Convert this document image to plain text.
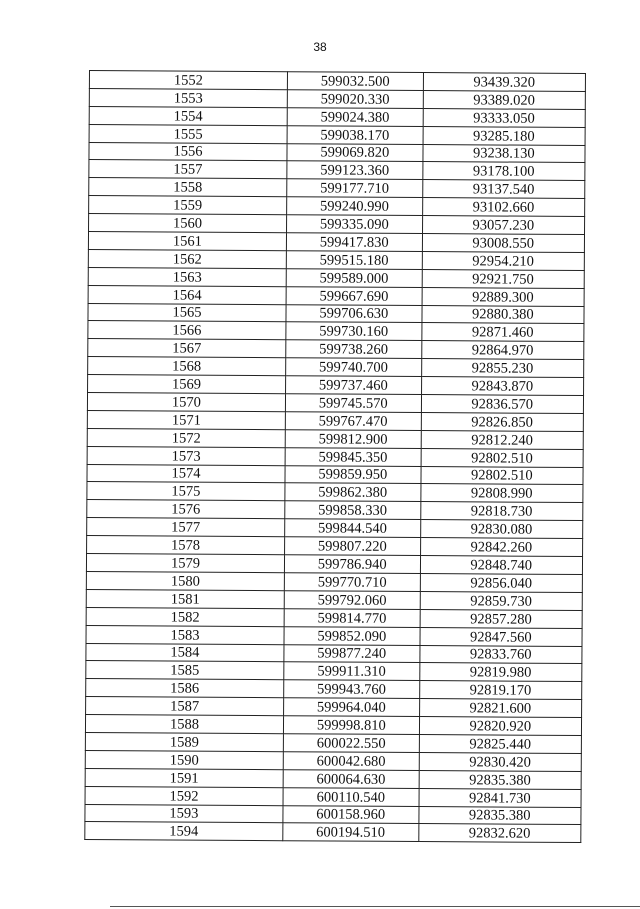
38
1552	599032.500	93439.320
1553	599020.330	93389.020
1554	599024.380	93333.050
1555	599038.170	93285.180
1556	599069.820	93238.130
1557	599123.360	93178.100
1558	599177.710	93137.540
1559	599240.990	93102.660
1560	599335.090	93057.230
1561	599417.830	93008.550
1562	599515.180	92954.210
1563	599589.000	92921.750
1564	599667.690	92889.300
1565	599706.630	92880.380
1566	599730.160	92871.460
1567	599738.260	92864.970
1568	599740.700	92855.230
1569	599737.460	92843.870
1570	599745.570	92836.570
1571	599767.470	92826.850
1572	599812.900	92812.240
1573	599845.350	92802.510
1574	599859.950	92802.510
1575	599862.380	92808.990
1576	599858.330	92818.730
1577	599844.540	92830.080
1578	599807.220	92842.260
1579	599786.940	92848.740
1580	599770.710	92856.040
1581	599792.060	92859.730
1582	599814.770	92857.280
1583	599852.090	92847.560
1584	599877.240	92833.760
1585	599911.310	92819.980
1586	599943.760	92819.170
1587	599964.040	92821.600
1588	599998.810	92820.920
1589	600022.550	92825.440
1590	600042.680	92830.420
1591	600064.630	92835.380
1592	600110.540	92841.730
1593	600158.960	92835.380
1594	600194.510	92832.620
